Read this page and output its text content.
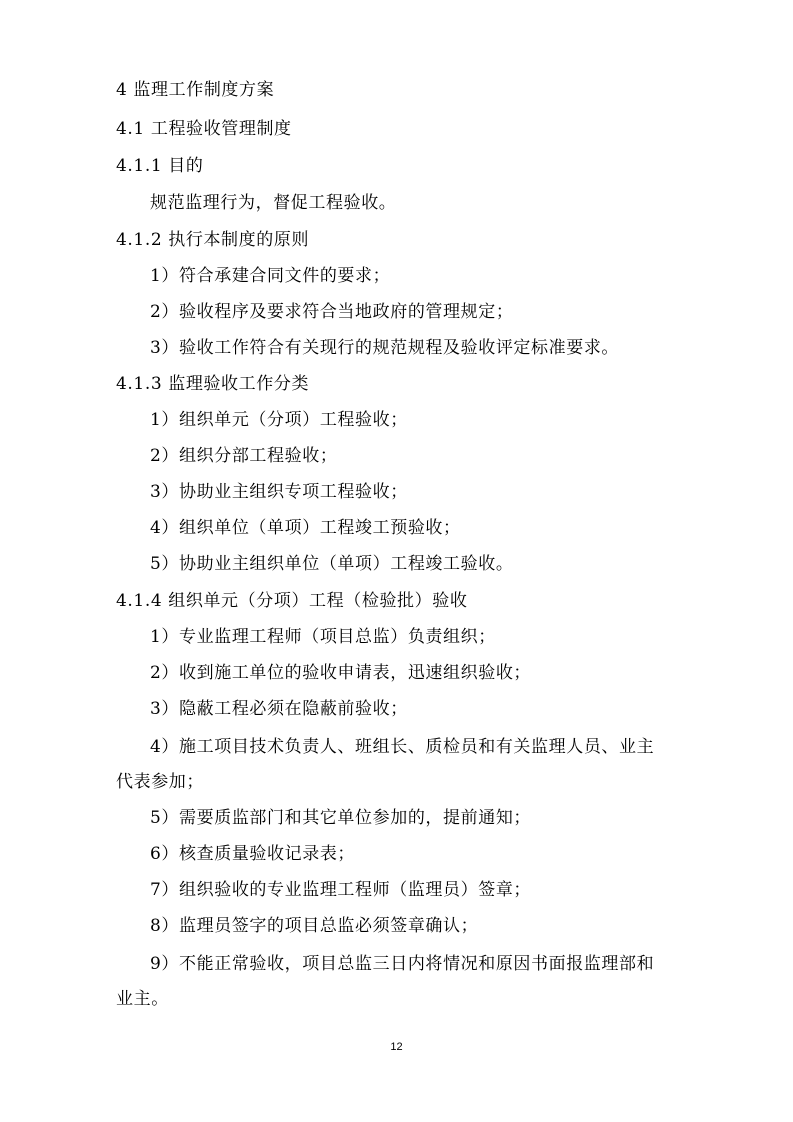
4 监理工作制度方案
4.1 工程验收管理制度
4.1.1 目的
规范监理行为，督促工程验收。
4.1.2 执行本制度的原则
1）符合承建合同文件的要求；
2）验收程序及要求符合当地政府的管理规定；
3）验收工作符合有关现行的规范规程及验收评定标准要求。
4.1.3 监理验收工作分类
1）组织单元（分项）工程验收；
2）组织分部工程验收；
3）协助业主组织专项工程验收；
4）组织单位（单项）工程竣工预验收；
5）协助业主组织单位（单项）工程竣工验收。
4.1.4 组织单元（分项）工程（检验批）验收
1）专业监理工程师（项目总监）负责组织；
2）收到施工单位的验收申请表，迅速组织验收；
3）隐蔽工程必须在隐蔽前验收；
4）施工项目技术负责人、班组长、质检员和有关监理人员、业主
代表参加；
5）需要质监部门和其它单位参加的，提前通知；
6）核查质量验收记录表；
7）组织验收的专业监理工程师（监理员）签章；
8）监理员签字的项目总监必须签章确认；
9）不能正常验收，项目总监三日内将情况和原因书面报监理部和
业主。
12
